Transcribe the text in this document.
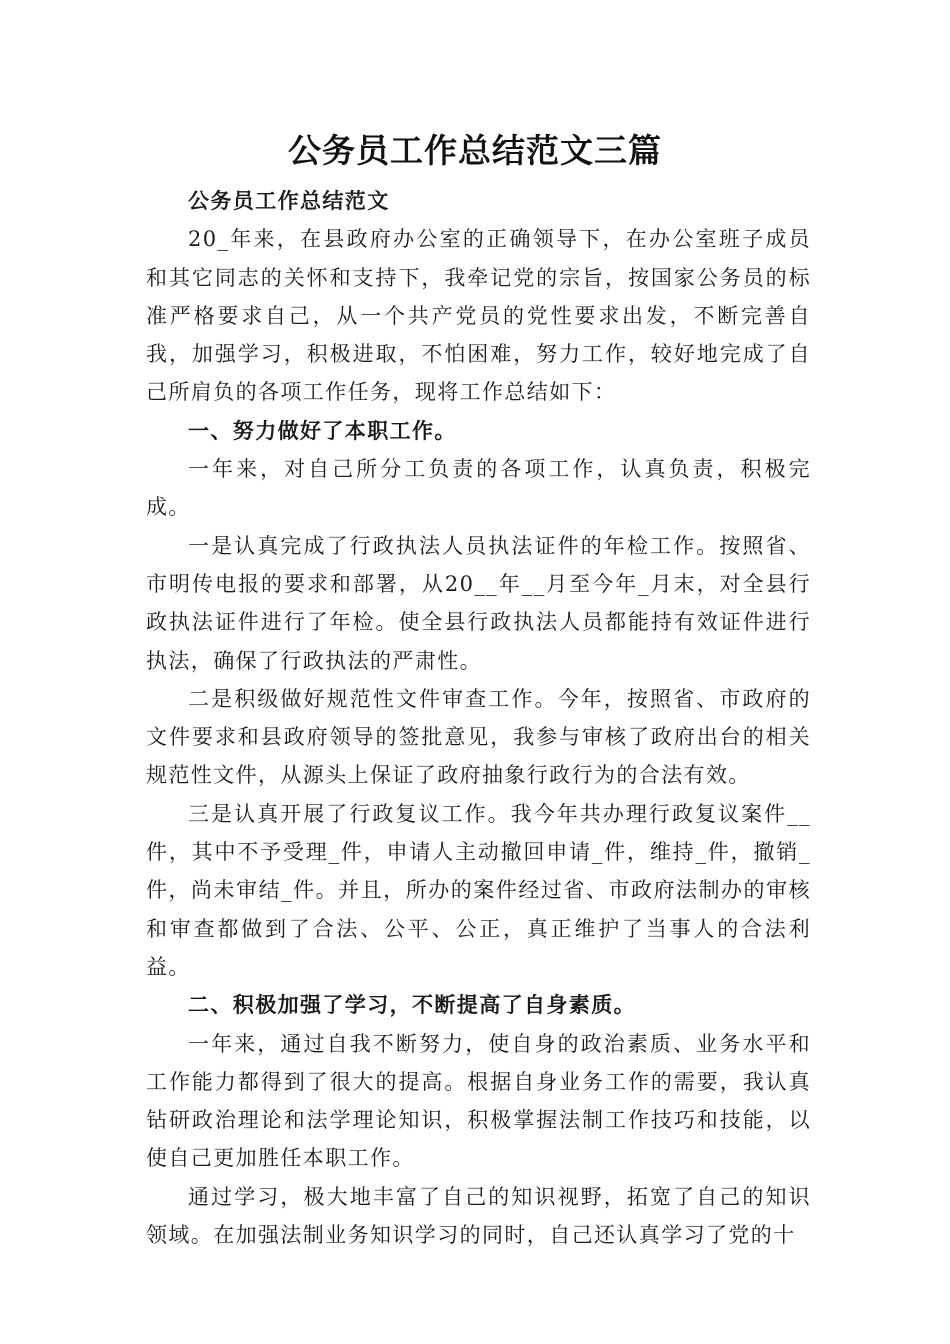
公务员工作总结范文三篇

公务员工作总结范文

20_年来，在县政府办公室的正确领导下，在办公室班子成员和其它同志的关怀和支持下，我牵记党的宗旨，按国家公务员的标准严格要求自己，从一个共产党员的党性要求出发，不断完善自我，加强学习，积极进取，不怕困难，努力工作，较好地完成了自己所肩负的各项工作任务，现将工作总结如下：

一、努力做好了本职工作。

一年来，对自己所分工负责的各项工作，认真负责，积极完成。

一是认真完成了行政执法人员执法证件的年检工作。按照省、市明传电报的要求和部署，从20__年__月至今年_月末，对全县行政执法证件进行了年检。使全县行政执法人员都能持有效证件进行执法，确保了行政执法的严肃性。

二是积级做好规范性文件审查工作。今年，按照省、市政府的文件要求和县政府领导的签批意见，我参与审核了政府出台的相关规范性文件，从源头上保证了政府抽象行政行为的合法有效。

三是认真开展了行政复议工作。我今年共办理行政复议案件__件，其中不予受理_件，申请人主动撤回申请_件，维持_件，撤销_件，尚未审结_件。并且，所办的案件经过省、市政府法制办的审核和审查都做到了合法、公平、公正，真正维护了当事人的合法利益。

二、积极加强了学习，不断提高了自身素质。

一年来，通过自我不断努力，使自身的政治素质、业务水平和工作能力都得到了很大的提高。根据自身业务工作的需要，我认真钻研政治理论和法学理论知识，积极掌握法制工作技巧和技能，以使自己更加胜任本职工作。

通过学习，极大地丰富了自己的知识视野，拓宽了自己的知识领域。在加强法制业务知识学习的同时，自己还认真学习了党的十
